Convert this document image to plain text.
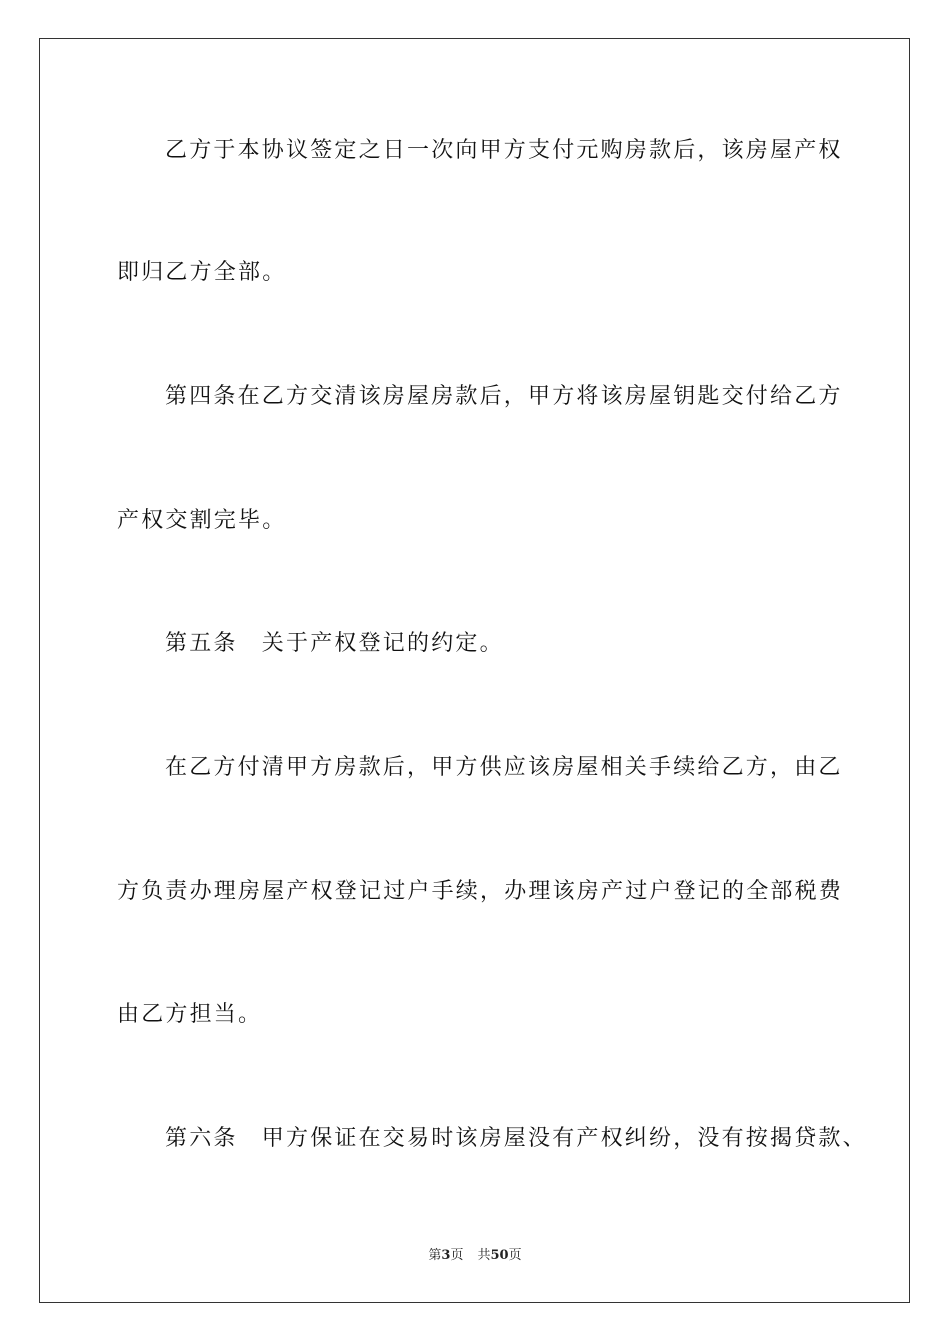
乙方于本协议签定之日一次向甲方支付元购房款后，该房屋产权
即归乙方全部。
第四条在乙方交清该房屋房款后，甲方将该房屋钥匙交付给乙方
产权交割完毕。
第五条　关于产权登记的约定。
在乙方付清甲方房款后，甲方供应该房屋相关手续给乙方，由乙
方负责办理房屋产权登记过户手续，办理该房产过户登记的全部税费
由乙方担当。
第六条　甲方保证在交易时该房屋没有产权纠纷，没有按揭贷款、
第3页 共50页
